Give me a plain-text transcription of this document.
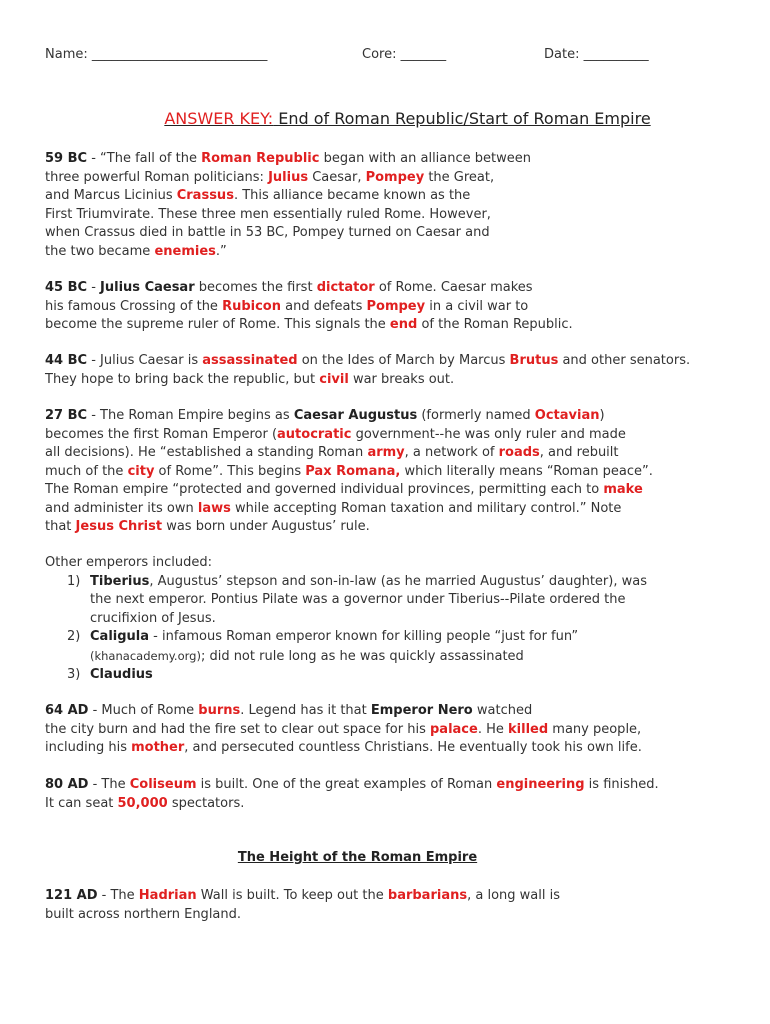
Name: ___________________________	Core: _______	Date: __________
ANSWER KEY: End of Roman Republic/Start of Roman Empire
59 BC - “The fall of the Roman Republic began with an alliance between
three powerful Roman politicians: Julius Caesar, Pompey the Great,
and Marcus Licinius Crassus. This alliance became known as the
First Triumvirate. These three men essentially ruled Rome. However,
when Crassus died in battle in 53 BC, Pompey turned on Caesar and
the two became enemies.”
45 BC - Julius Caesar becomes the first dictator of Rome. Caesar makes
his famous Crossing of the Rubicon and defeats Pompey in a civil war to
become the supreme ruler of Rome. This signals the end of the Roman Republic.
44 BC - Julius Caesar is assassinated on the Ides of March by Marcus Brutus and other senators.
They hope to bring back the republic, but civil war breaks out.
27 BC - The Roman Empire begins as Caesar Augustus (formerly named Octavian)
becomes the first Roman Emperor (autocratic government--he was only ruler and made
all decisions). He “established a standing Roman army, a network of roads, and rebuilt
much of the city of Rome”. This begins Pax Romana, which literally means “Roman peace”.
The Roman empire “protected and governed individual provinces, permitting each to make
and administer its own laws while accepting Roman taxation and military control.” Note
that Jesus Christ was born under Augustus’ rule.
Other emperors included:
1) Tiberius, Augustus’ stepson and son-in-law (as he married Augustus’ daughter), was
the next emperor. Pontius Pilate was a governor under Tiberius--Pilate ordered the
crucifixion of Jesus.
2) Caligula - infamous Roman emperor known for killing people “just for fun”
(khanacademy.org); did not rule long as he was quickly assassinated
3) Claudius
64 AD - Much of Rome burns. Legend has it that Emperor Nero watched
the city burn and had the fire set to clear out space for his palace. He killed many people,
including his mother, and persecuted countless Christians. He eventually took his own life.
80 AD - The Coliseum is built. One of the great examples of Roman engineering is finished.
It can seat 50,000 spectators.
The Height of the Roman Empire
121 AD - The Hadrian Wall is built. To keep out the barbarians, a long wall is
built across northern England.
